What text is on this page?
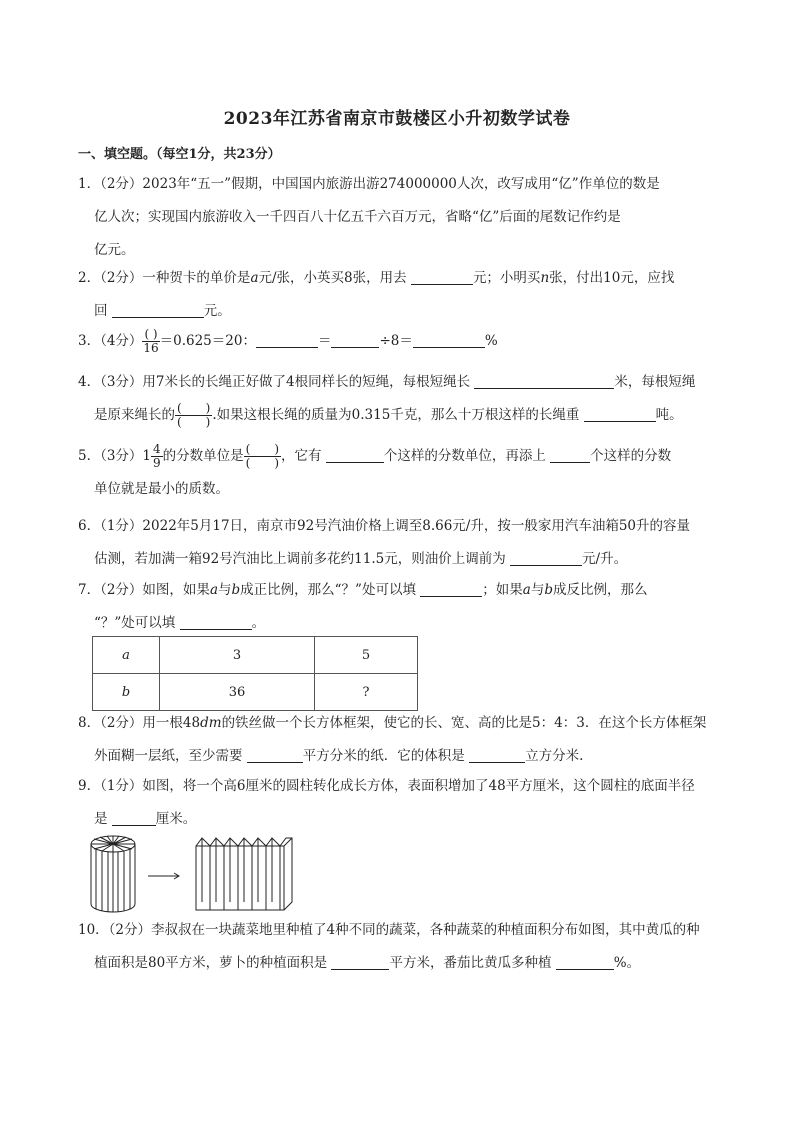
2023年江苏省南京市鼓楼区小升初数学试卷
一、填空题。（每空1分，共23分）

1．（2分）2023年“五一”假期，中国国内旅游出游274000000人次，改写成用“亿”作单位的数是

亿人次；实现国内旅游收入一千四百八十亿五千六百万元，省略“亿”后面的尾数记作约是

亿元。

2．（2分）一种贺卡的单价是a元/张，小英买8张，用去	元；小明买n张，付出10元，应找

回	元。

3．（4分） $\frac{( )}{16} =0.625=20$：	＝	÷8＝	%

4．（3分）用7米长的长绳正好做了4根同样长的短绳，每根短绳长	米，每根短绳

是原来绳长的 $\frac{( )}{( )}$ .如果这根长绳的质量为0.315千克，那么十万根这样的长绳重	吨。

5．（3分）$1 \frac{4}{9}$ 的分数单位是 $\frac{( )}{( )}$ ，它有	个这样的分数单位，再添上	个这样的分数

单位就是最小的质数。

6．（1分）2022年5月17日，南京市92号汽油价格上调至8.66元/升，按一般家用汽车油箱50升的容量

估测，若加满一箱92号汽油比上调前多花约11.5元，则油价上调前为	元/升。

7．（2分）如图，如果a与b成正比例，那么“？”处可以填	；如果a与b成反比例，那么

“？”处可以填	。

a	3	5
b	36	?

8．（2分）用一根48dm的铁丝做一个长方体框架，使它的长、宽、高的比是5：4：3．在这个长方体框架

外面糊一层纸，至少需要	平方分米的纸．它的体积是	立方分米.

9．（1分）如图，将一个高6厘米的圆柱转化成长方体，表面积增加了48平方厘米，这个圆柱的底面半径

是	厘米。

10．（2分）李叔叔在一块蔬菜地里种植了4种不同的蔬菜，各种蔬菜的种植面积分布如图，其中黄瓜的种

植面积是80平方米，萝卜的种植面积是	平方米，番茄比黄瓜多种植	%。
